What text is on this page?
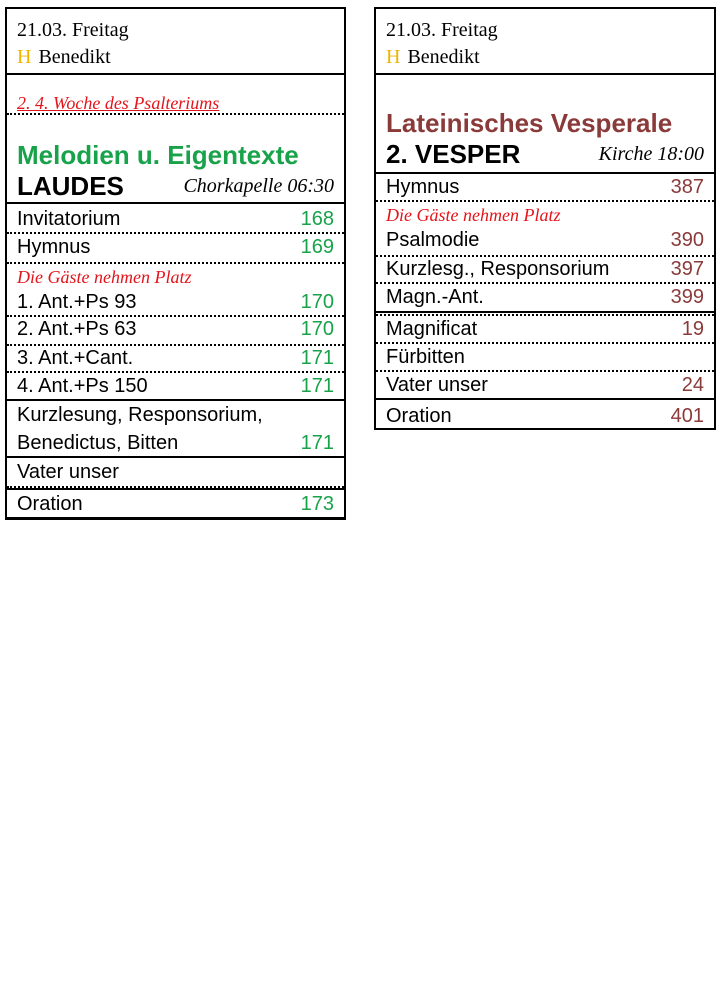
21.03. Freitag
H Benedikt
2. 4. Woche des Psalteriums
Melodien u. Eigentexte
LAUDES	Chorkapelle 06:30
Invitatorium	168
Hymnus	169
Die Gäste nehmen Platz
1. Ant.+Ps 93	170
2. Ant.+Ps 63	170
3. Ant.+Cant.	171
4. Ant.+Ps 150	171
Kurzlesung, Responsorium,
Benedictus, Bitten	171
Vater unser
Oration	173
21.03. Freitag
H Benedikt
Lateinisches Vesperale
2. VESPER	Kirche 18:00
Hymnus	387
Die Gäste nehmen Platz
Psalmodie	390
Kurzlesg., Responsorium	397
Magn.-Ant.	399
Magnificat	19
Fürbitten
Vater unser	24
Oration	401
